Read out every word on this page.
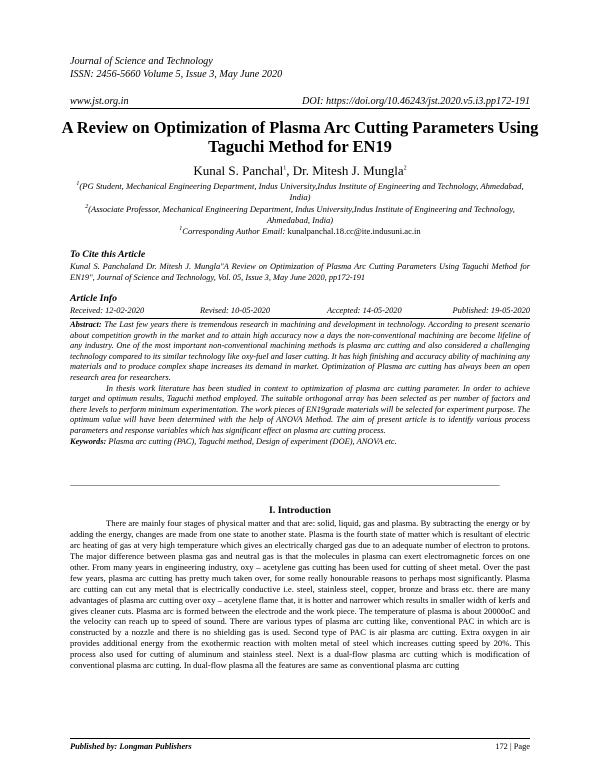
Journal of Science and Technology
ISSN: 2456-5660 Volume 5, Issue 3, May June 2020
www.jst.org.in	DOI: https://doi.org/10.46243/jst.2020.v5.i3.pp172-191
A Review on Optimization of Plasma Arc Cutting Parameters Using
Taguchi Method for EN19
Kunal S. Panchal$^1$, Dr. Mitesh J. Mungla$^2$
$^1$(PG Student, Mechanical Engineering Department, Indus University,Indus Institute of Engineering and Technology, Ahmedabad, India)
$^2$(Associate Professor, Mechanical Engineering Department, Indus University,Indus Institute of Engineering and Technology, Ahmedabad, India)
$^1$Corresponding Author Email: kunalpanchal.18.cc@ite.indusuni.ac.in
To Cite this Article
Kunal S. Panchaland Dr. Mitesh J. Mungla"A Review on Optimization of Plasma Arc Cutting Parameters Using Taguchi Method for EN19", Journal of Science and Technology, Vol. 05, Issue 3, May June 2020, pp172-191
Article Info
Received: 12-02-2020	Revised: 10-05-2020	Accepted: 14-05-2020	Published: 19-05-2020
Abstract: The Last few years there is tremendous research in machining and development in technology. According to present scenario about competition growth in the market and to attain high accuracy now a days the non-conventional machining are become lifeline of any industry. One of the most important non-conventional machining methods is plasma arc cutting and also considered a challenging technology compared to its similar technology like oxy-fuel and laser cutting. It has high finishing and accuracy ability of machining any materials and to produce complex shape increases its demand in market. Optimization of Plasma arc cutting has always been an open research area for researchers.
In thesis work literature has been studied in context to optimization of plasma arc cutting parameter. In order to achieve target and optimum results, Taguchi method employed. The suitable orthogonal array has been selected as per number of factors and there levels to perform minimum experimentation. The work pieces of EN19grade materials will be selected for experiment purpose. The optimum value will have been determined with the help of ANOVA Method. The aim of present article is to identify various process parameters and response variables which has significant effect on plasma arc cutting process.
Keywords: Plasma arc cutting (PAC), Taguchi method, Design of experiment (DOE), ANOVA etc.
____________________________________________________________________________________________________
I. Introduction
There are mainly four stages of physical matter and that are: solid, liquid, gas and plasma. By subtracting the energy or by adding the energy, changes are made from one state to another state. Plasma is the fourth state of matter which is resultant of electric arc heating of gas at very high temperature which gives an electrically charged gas due to an adequate number of electron to protons. The major difference between plasma gas and neutral gas is that the molecules in plasma can exert electromagnetic forces on one other. From many years in engineering industry, oxy – acetylene gas cutting has been used for cutting of sheet metal. Over the past few years, plasma arc cutting has pretty much taken over, for some really honourable reasons to perhaps most significantly. Plasma arc cutting can cut any metal that is electrically conductive i.e. steel, stainless steel, copper, bronze and brass etc. there are many advantages of plasma arc cutting over oxy – acetylene flame that, it is hotter and narrower which results in smaller width of kerfs and gives cleaner cuts. Plasma arc is formed between the electrode and the work piece. The temperature of plasma is about 20000oC and the velocity can reach up to speed of sound. There are various types of plasma arc cutting like, conventional PAC in which arc is constructed by a nozzle and there is no shielding gas is used. Second type of PAC is air plasma arc cutting. Extra oxygen in air provides additional energy from the exothermic reaction with molten metal of steel which increases cutting speed by 20%. This process also used for cutting of aluminum and stainless steel. Next is a dual-flow plasma arc cutting which is modification of conventional plasma arc cutting. In dual-flow plasma all the features are same as conventional plasma arc cutting
Published by: Longman Publishers	172 | Page
